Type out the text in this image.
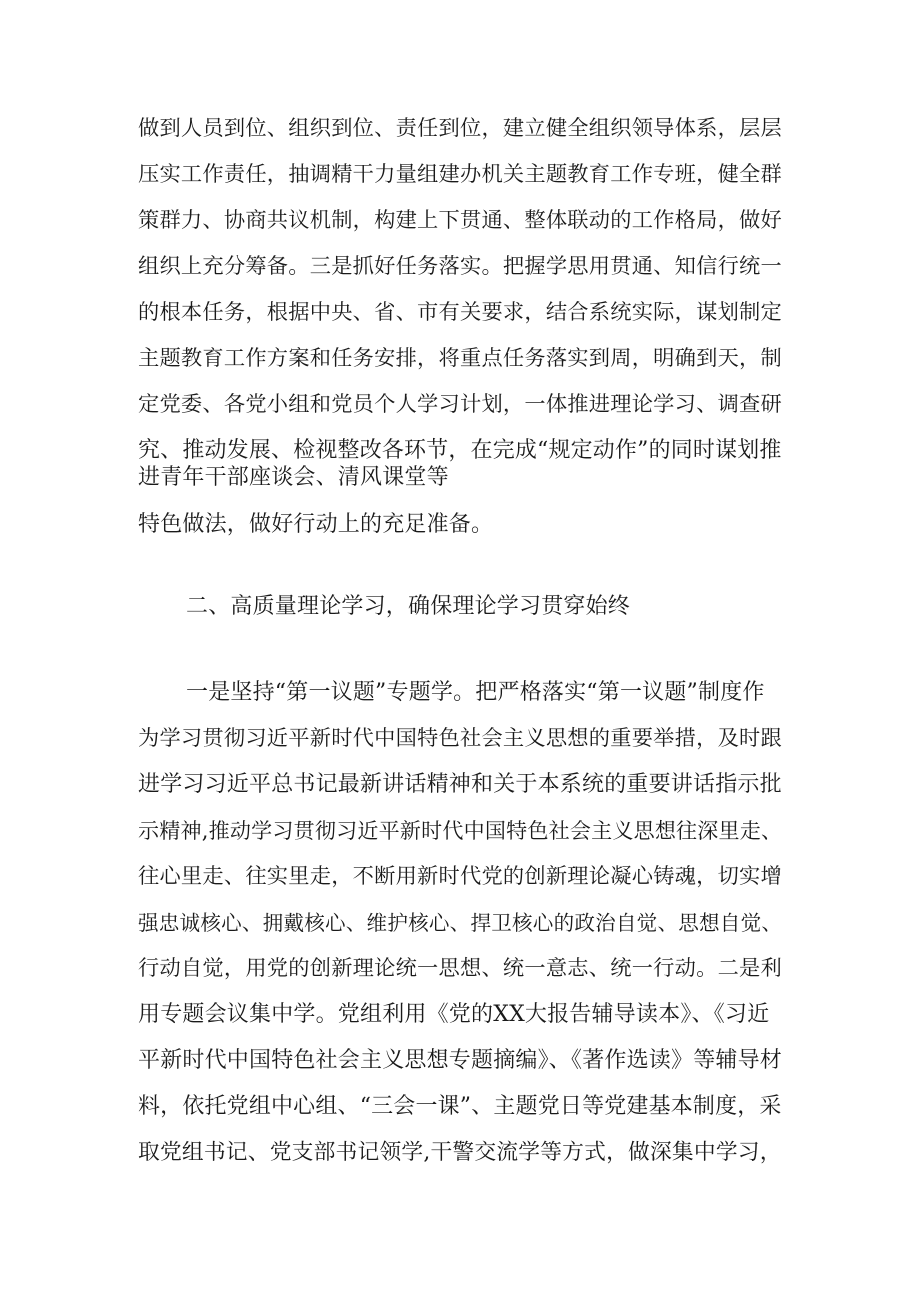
做到人员到位、组织到位、责任到位，建立健全组织领导体系，层层

压实工作责任，抽调精干力量组建办机关主题教育工作专班，健全群

策群力、协商共议机制，构建上下贯通、整体联动的工作格局，做好

组织上充分筹备。三是抓好任务落实。把握学思用贯通、知信行统一

的根本任务，根据中央、省、市有关要求，结合系统实际，谋划制定

主题教育工作方案和任务安排，将重点任务落实到周，明确到天，制

定党委、各党小组和党员个人学习计划，一体推进理论学习、调查研

究、推动发展、检视整改各环节，在完成“规定动作”的同时谋划推

进青年干部座谈会、清风课堂等

特色做法，做好行动上的充足准备。

二、高质量理论学习，确保理论学习贯穿始终

一是坚持“第一议题”专题学。把严格落实“第一议题”制度作

为学习贯彻习近平新时代中国特色社会主义思想的重要举措，及时跟

进学习习近平总书记最新讲话精神和关于本系统的重要讲话指示批

示精神,推动学习贯彻习近平新时代中国特色社会主义思想往深里走、

往心里走、往实里走，不断用新时代党的创新理论凝心铸魂，切实增

强忠诚核心、拥戴核心、维护核心、捍卫核心的政治自觉、思想自觉、

行动自觉，用党的创新理论统一思想、统一意志、统一行动。二是利

用专题会议集中学。党组利用《党的XX大报告辅导读本》、《习近

平新时代中国特色社会主义思想专题摘编》、《著作选读》等辅导材

料，依托党组中心组、“三会一课”、主题党日等党建基本制度，采

取党组书记、党支部书记领学,干警交流学等方式，做深集中学习，
